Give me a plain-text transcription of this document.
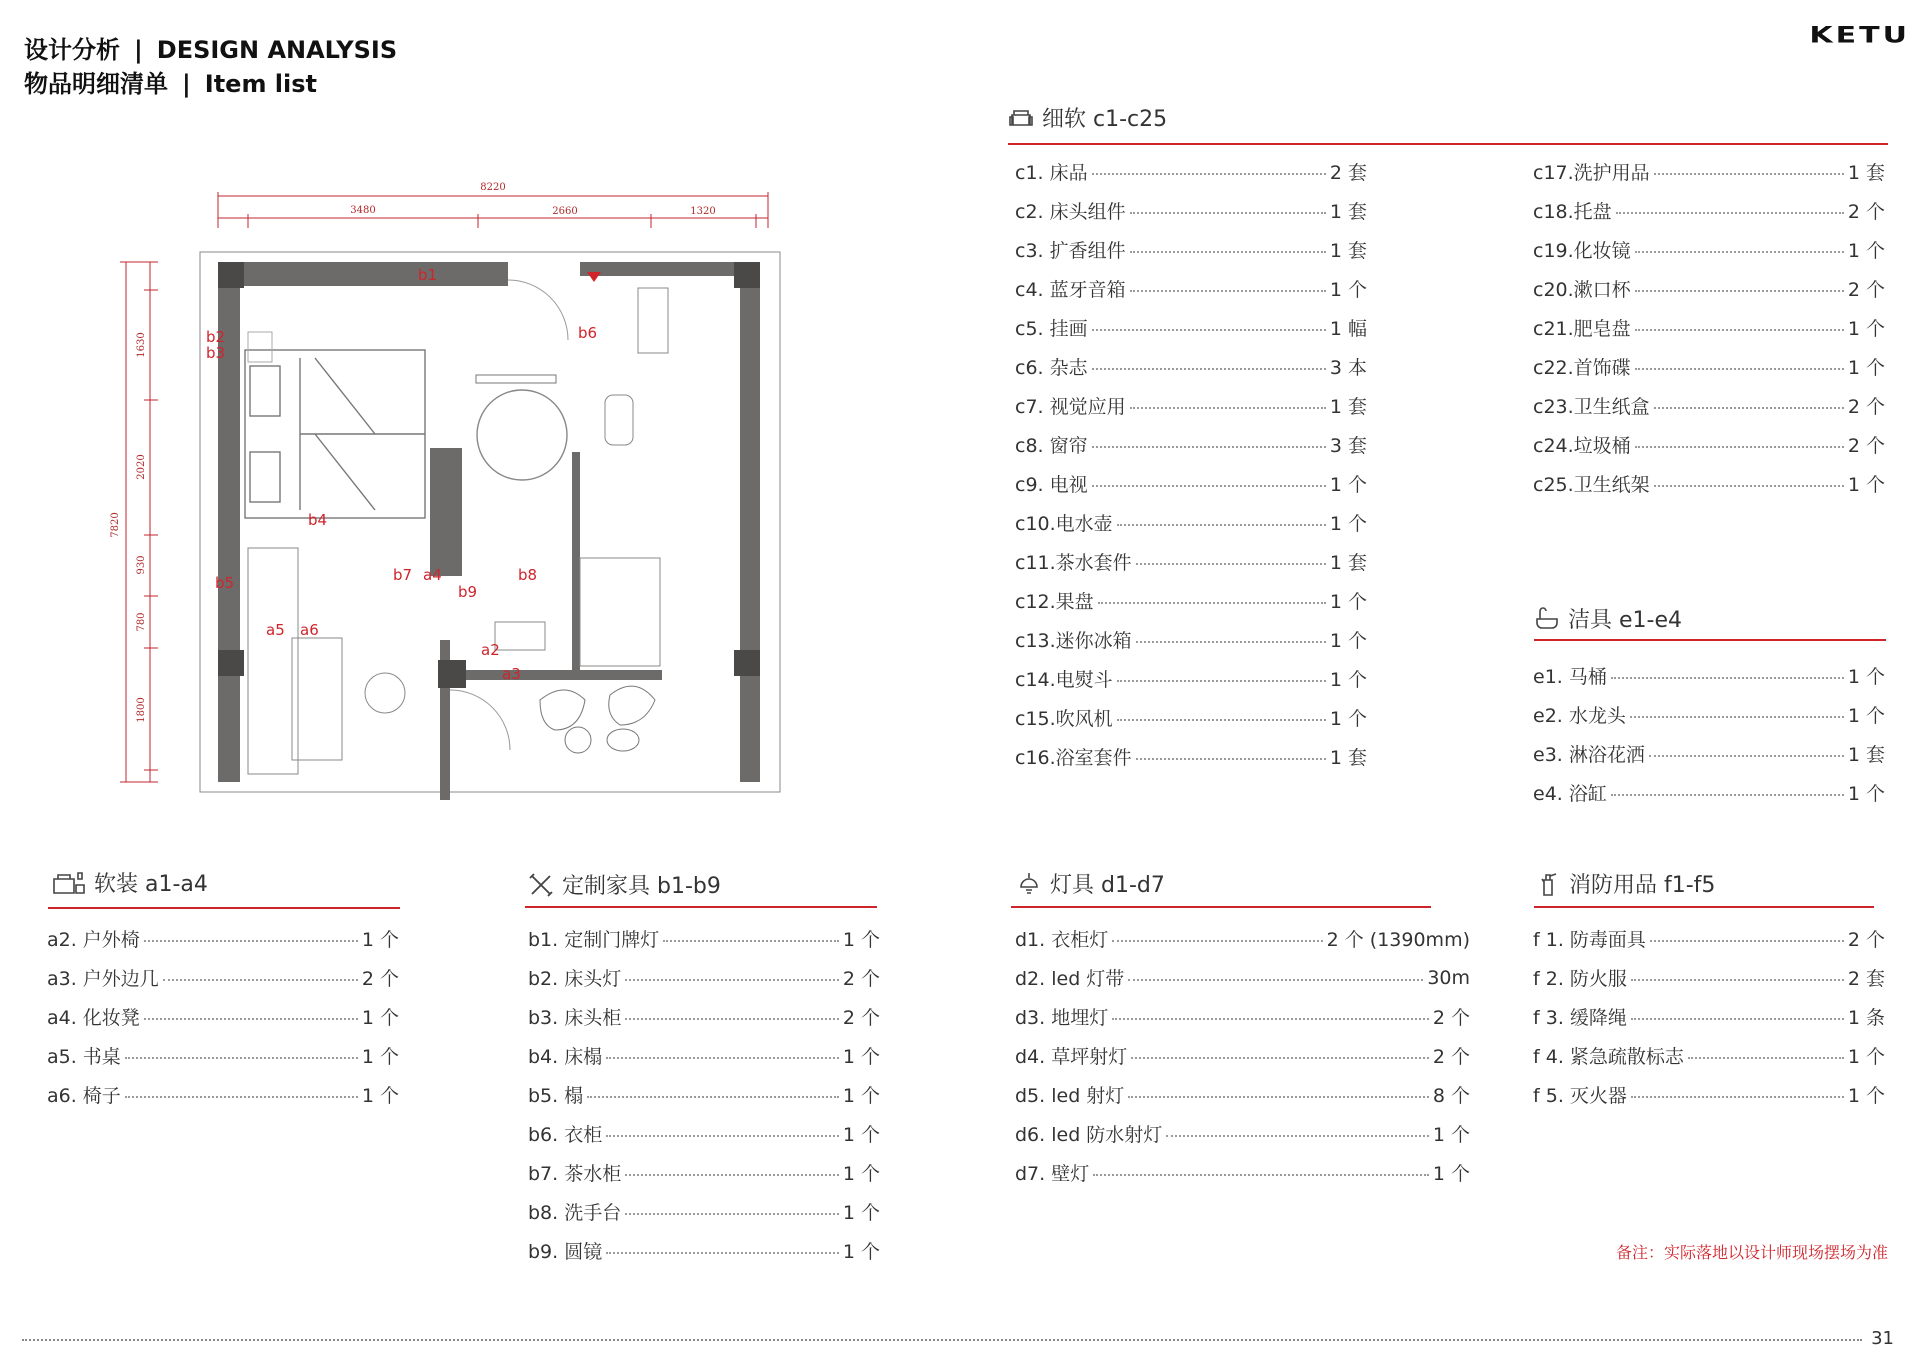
设计分析 | DESIGN ANALYSIS
物品明细清单 | Item list
KETU
8220
3480	2660	1320
7820
1630
2020
930
780
1800
b1
b2
b3
b4
b5
b6
b7 a4	b8
b9
a5 a6
a2
a3
细软 c1-c25
c1. 床品	2 套
c2. 床头组件	1 套
c3. 扩香组件	1 套
c4. 蓝牙音箱	1 个
c5. 挂画	1 幅
c6. 杂志	3 本
c7. 视觉应用	1 套
c8. 窗帘	3 套
c9. 电视	1 个
c10.电水壶	1 个
c11.茶水套件	1 套
c12.果盘	1 个
c13.迷你冰箱	1 个
c14.电熨斗	1 个
c15.吹风机	1 个
c16.浴室套件	1 套
c17.洗护用品	1 套
c18.托盘	2 个
c19.化妆镜	1 个
c20.漱口杯	2 个
c21.肥皂盘	1 个
c22.首饰碟	1 个
c23.卫生纸盒	2 个
c24.垃圾桶	2 个
c25.卫生纸架	1 个
洁具 e1-e4
e1. 马桶	1 个
e2. 水龙头	1 个
e3. 淋浴花洒	1 套
e4. 浴缸	1 个
软装 a1-a4
a2. 户外椅	1 个
a3. 户外边几	2 个
a4. 化妆凳	1 个
a5. 书桌	1 个
a6. 椅子	1 个
定制家具 b1-b9
b1. 定制门牌灯	1 个
b2. 床头灯	2 个
b3. 床头柜	2 个
b4. 床榻	1 个
b5. 榻	1 个
b6. 衣柜	1 个
b7. 茶水柜	1 个
b8. 洗手台	1 个
b9. 圆镜	1 个
灯具 d1-d7
d1. 衣柜灯	2 个 (1390mm)
d2. led 灯带	30m
d3. 地埋灯	2 个
d4. 草坪射灯	2 个
d5. led 射灯	8 个
d6. led 防水射灯	1 个
d7. 壁灯	1 个
消防用品 f1-f5
f 1. 防毒面具	2 个
f 2. 防火服	2 套
f 3. 缓降绳	1 条
f 4. 紧急疏散标志	1 个
f 5. 灭火器	1 个
备注：实际落地以设计师现场摆场为准
31
